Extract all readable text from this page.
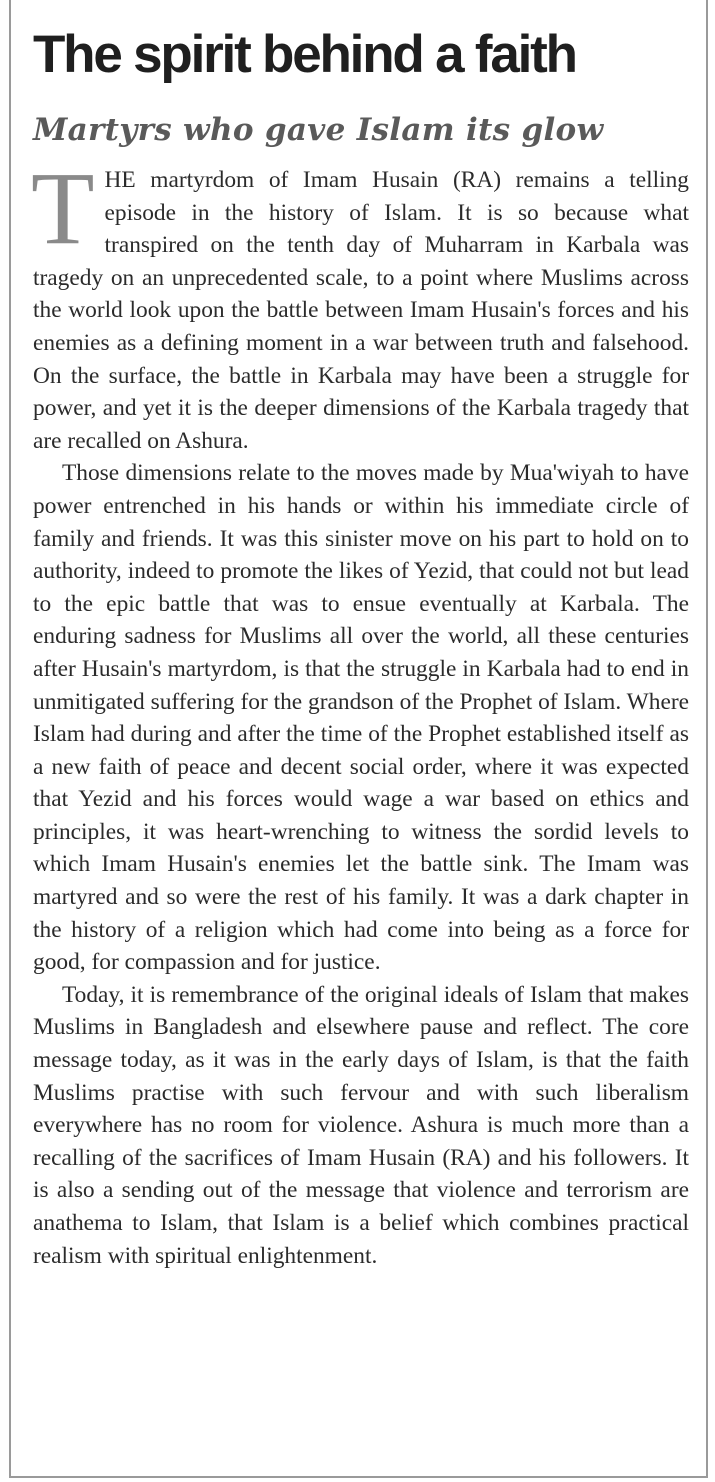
The spirit behind a faith
Martyrs who gave Islam its glow

THE martyrdom of Imam Husain (RA) remains a telling episode in the history of Islam. It is so because what transpired on the tenth day of Muharram in Karbala was tragedy on an unprecedented scale, to a point where Muslims across the world look upon the battle between Imam Husain's forces and his enemies as a defining moment in a war between truth and falsehood. On the surface, the battle in Karbala may have been a struggle for power, and yet it is the deeper dimensions of the Karbala tragedy that are recalled on Ashura.

Those dimensions relate to the moves made by Mua'wiyah to have power entrenched in his hands or within his immediate circle of family and friends. It was this sinister move on his part to hold on to authority, indeed to promote the likes of Yezid, that could not but lead to the epic battle that was to ensue eventually at Karbala. The enduring sadness for Muslims all over the world, all these centuries after Husain's martyrdom, is that the struggle in Karbala had to end in unmitigated suffering for the grandson of the Prophet of Islam. Where Islam had during and after the time of the Prophet established itself as a new faith of peace and decent social order, where it was expected that Yezid and his forces would wage a war based on ethics and principles, it was heart-wrenching to witness the sordid levels to which Imam Husain's enemies let the battle sink. The Imam was martyred and so were the rest of his family. It was a dark chapter in the history of a religion which had come into being as a force for good, for compassion and for justice.

Today, it is remembrance of the original ideals of Islam that makes Muslims in Bangladesh and elsewhere pause and reflect. The core message today, as it was in the early days of Islam, is that the faith Muslims practise with such fervour and with such liberalism everywhere has no room for violence. Ashura is much more than a recalling of the sacrifices of Imam Husain (RA) and his followers. It is also a sending out of the message that violence and terrorism are anathema to Islam, that Islam is a belief which combines practical realism with spiritual enlightenment.
